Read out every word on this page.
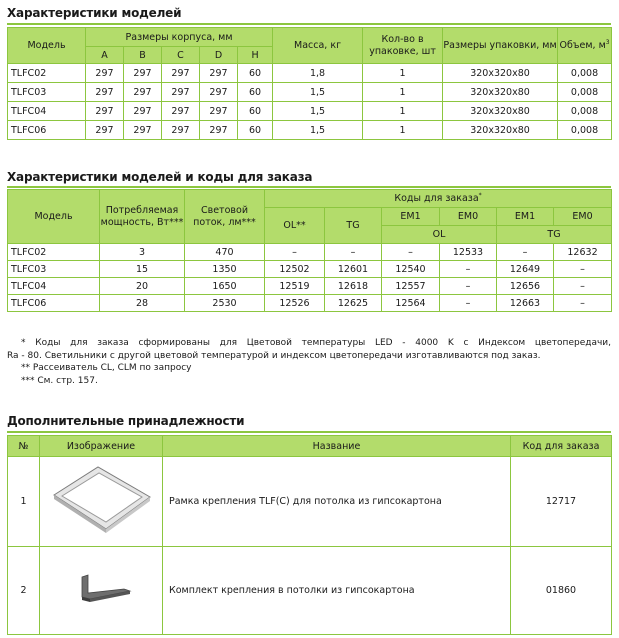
Характеристики моделей
Модель	Размеры корпуса, мм					Масса, кг	Кол-во в упаковке, шт	Размеры упаковки, мм	Объем, $м^3$
	A	B	C	D	H				
TLFC02	297	297	297	297	60	1,8	1	320x320x80	0,008
TLFC03	297	297	297	297	60	1,5	1	320x320x80	0,008
TLFC04	297	297	297	297	60	1,5	1	320x320x80	0,008
TLFC06	297	297	297	297	60	1,5	1	320x320x80	0,008
Характеристики моделей и коды для заказа
Модель	Потребляемая мощность, Вт***	Световой поток, лм***	Коды для заказа*
			OL**	TG	EM1	EM0	EM1	EM0
					OL		TG	
TLFC02	3	470	–	–	–	12533	–	12632
TLFC03	15	1350	12502	12601	12540	–	12649	–
TLFC04	20	1650	12519	12618	12557	–	12656	–
TLFC06	28	2530	12526	12625	12564	–	12663	–

* Коды для заказа сформированы для Цветовой температуры LED - 4000 K с Индексом цветопередачи,

Ra - 80. Светильники с другой цветовой температурой и индексом цветопередачи изготавливаются под заказ.

** Рассеиватель CL, CLM по запросу

*** См. стр. 157.

Дополнительные принадлежности
№	Изображение	Название	Код для заказа
1		Рамка крепления TLF(C) для потолка из гипсокартона	12717
2		Комплект крепления в потолки из гипсокартона	01860
